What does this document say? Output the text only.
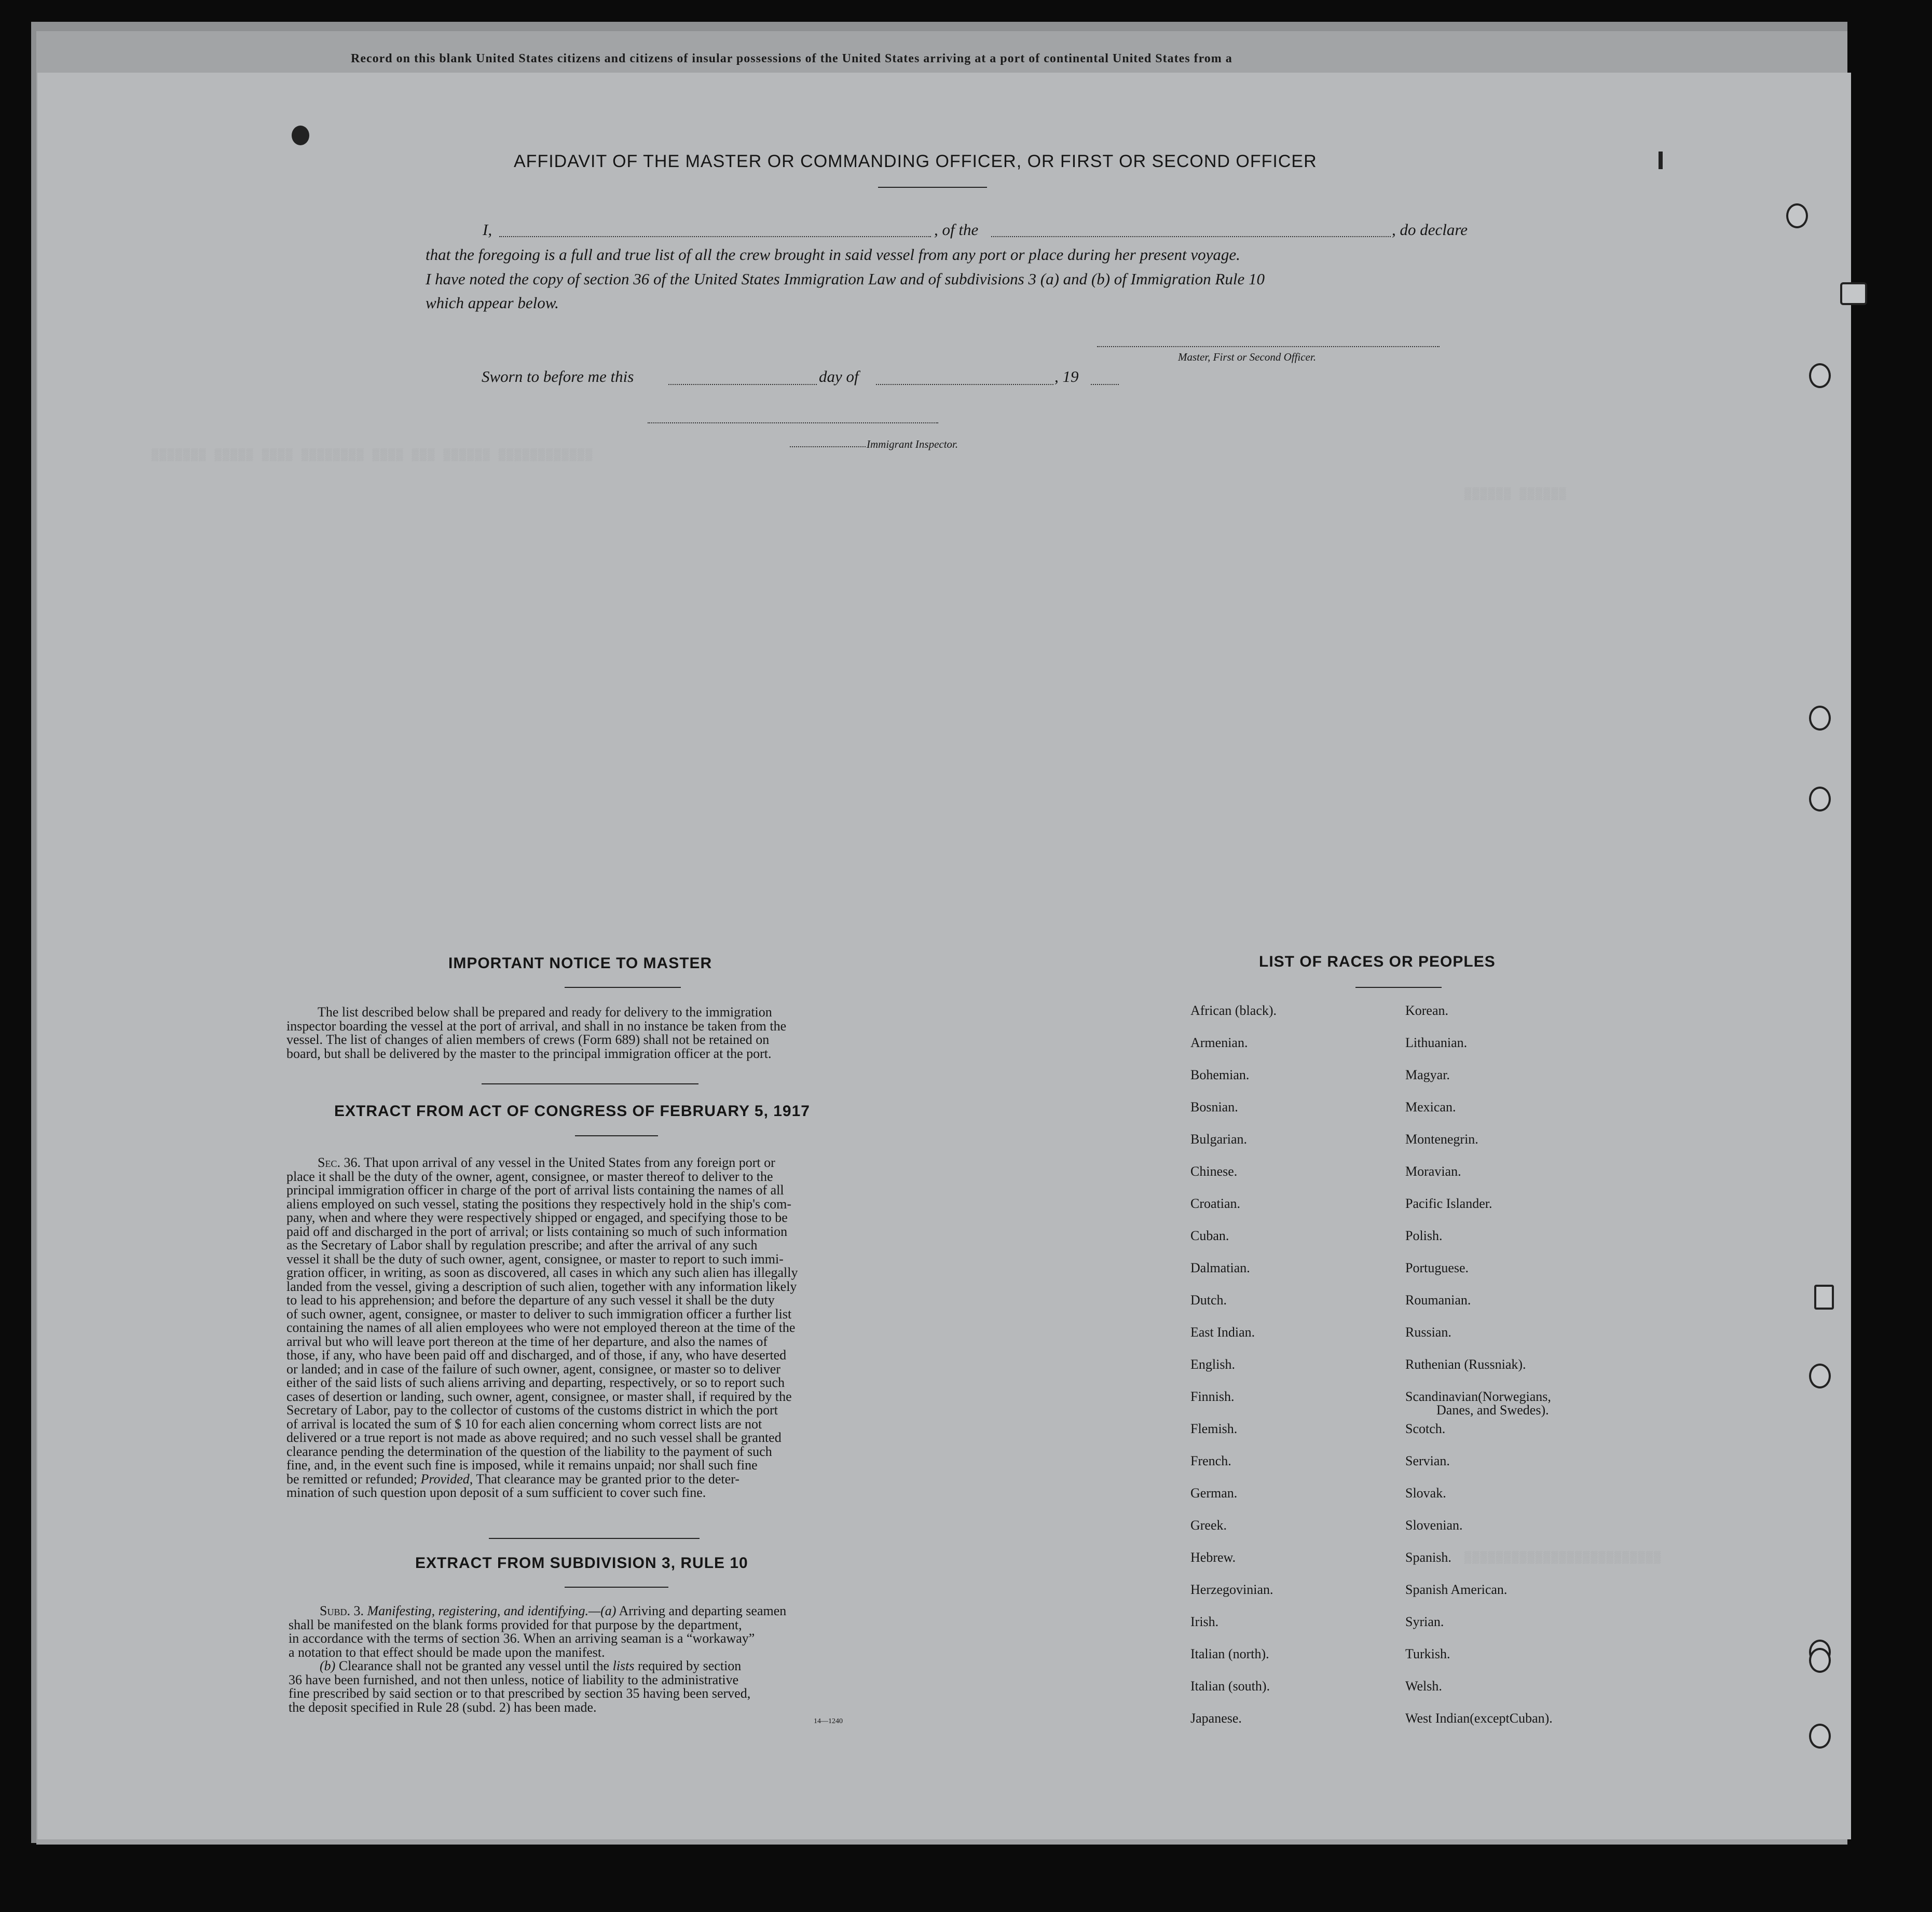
Record on this blank United States citizens and citizens of insular possessions of the United States arriving at a port of continental United States from a
▒▒▒▒▒▒▒ ▒▒▒▒▒ ▒▒▒▒ ▒▒▒▒▒▒▒▒ ▒▒▒▒ ▒▒▒ ▒▒▒▒▒▒ ▒▒▒▒▒▒▒▒▒▒▒▒
▒▒▒▒▒▒ ▒▒▒▒▒▒
▒▒▒▒▒▒▒▒▒▒▒▒▒▒▒▒▒▒▒▒▒▒▒▒▒
AFFIDAVIT OF THE MASTER OR COMMANDING OFFICER, OR FIRST OR SECOND OFFICER
I,	, of the	, do declare
that the foregoing is a full and true list of all the crew brought in said vessel from any port or place during her present voyage.
I have noted the copy of section 36 of the United States Immigration Law and of subdivisions 3 (a) and (b) of Immigration Rule 10
which appear below.
Master, First or Second Officer.
Sworn to before me this	day of	, 19
Immigrant Inspector.
IMPORTANT NOTICE TO MASTER
The list described below shall be prepared and ready for delivery to the immigration
inspector boarding the vessel at the port of arrival, and shall in no instance be taken from the
vessel. The list of changes of alien members of crews (Form 689) shall not be retained on
board, but shall be delivered by the master to the principal immigration officer at the port.
EXTRACT FROM ACT OF CONGRESS OF FEBRUARY 5, 1917
Sec. 36. That upon arrival of any vessel in the United States from any foreign port or
place it shall be the duty of the owner, agent, consignee, or master thereof to deliver to the
principal immigration officer in charge of the port of arrival lists containing the names of all
aliens employed on such vessel, stating the positions they respectively hold in the ship's com-
pany, when and where they were respectively shipped or engaged, and specifying those to be
paid off and discharged in the port of arrival; or lists containing so much of such information
as the Secretary of Labor shall by regulation prescribe; and after the arrival of any such
vessel it shall be the duty of such owner, agent, consignee, or master to report to such immi-
gration officer, in writing, as soon as discovered, all cases in which any such alien has illegally
landed from the vessel, giving a description of such alien, together with any information likely
to lead to his apprehension; and before the departure of any such vessel it shall be the duty
of such owner, agent, consignee, or master to deliver to such immigration officer a further list
containing the names of all alien employees who were not employed thereon at the time of the
arrival but who will leave port thereon at the time of her departure, and also the names of
those, if any, who have been paid off and discharged, and of those, if any, who have deserted
or landed; and in case of the failure of such owner, agent, consignee, or master so to deliver
either of the said lists of such aliens arriving and departing, respectively, or so to report such
cases of desertion or landing, such owner, agent, consignee, or master shall, if required by the
Secretary of Labor, pay to the collector of customs of the customs district in which the port
of arrival is located the sum of $ 10 for each alien concerning whom correct lists are not
delivered or a true report is not made as above required; and no such vessel shall be granted
clearance pending the determination of the question of the liability to the payment of such
fine, and, in the event such fine is imposed, while it remains unpaid; nor shall such fine
be remitted or refunded; Provided, That clearance may be granted prior to the deter-
mination of such question upon deposit of a sum sufficient to cover such fine.
EXTRACT FROM SUBDIVISION 3, RULE 10
Subd. 3. Manifesting, registering, and identifying.—(a) Arriving and departing seamen
shall be manifested on the blank forms provided for that purpose by the department,
in accordance with the terms of section 36. When an arriving seaman is a “workaway”
a notation to that effect should be made upon the manifest.
(b) Clearance shall not be granted any vessel until the lists required by section
36 have been furnished, and not then unless, notice of liability to the administrative
fine prescribed by said section or to that prescribed by section 35 having been served,
the deposit specified in Rule 28 (subd. 2) has been made.
14—1240
LIST OF RACES OR PEOPLES
African (black).
Armenian.
Bohemian.
Bosnian.
Bulgarian.
Chinese.
Croatian.
Cuban.
Dalmatian.
Dutch.
East Indian.
English.
Finnish.
Flemish.
French.
German.
Greek.
Hebrew.
Herzegovinian.
Irish.
Italian (north).
Italian (south).
Japanese.
Korean.
Lithuanian.
Magyar.
Mexican.
Montenegrin.
Moravian.
Pacific Islander.
Polish.
Portuguese.
Roumanian.
Russian.
Ruthenian (Russniak).
Scandinavian(Norwegians,
Danes, and Swedes).
Scotch.
Servian.
Slovak.
Slovenian.
Spanish.
Spanish American.
Syrian.
Turkish.
Welsh.
West Indian(exceptCuban).
